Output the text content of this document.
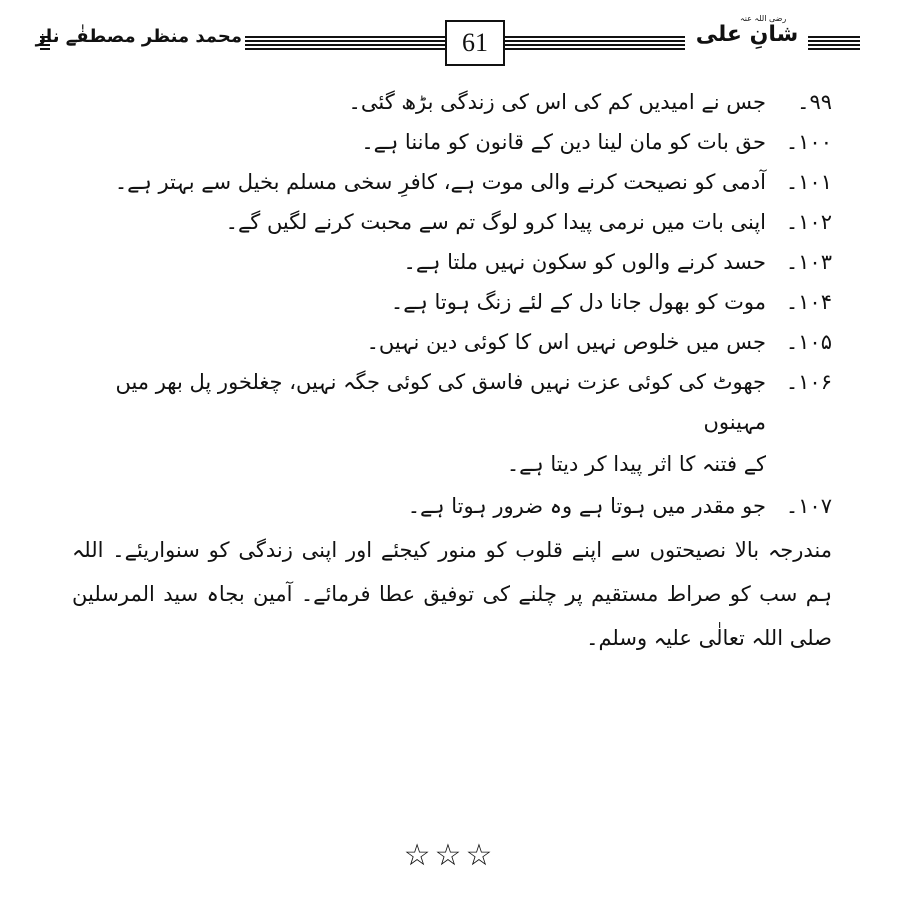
محمد منظر مصطفٰے ناز	61
رضی اللہ عنہ
شانِ علی
۹۹۔
جس نے امیدیں کم کی اس کی زندگی بڑھ گئی۔
۱۰۰۔
حق بات کو مان لینا دین کے قانون کو ماننا ہے۔
۱۰۱۔
آدمی کو نصیحت کرنے والی موت ہے، کافرِ سخی مسلم بخیل سے بہتر ہے۔
۱۰۲۔
اپنی بات میں نرمی پیدا کرو لوگ تم سے محبت کرنے لگیں گے۔
۱۰۳۔
حسد کرنے والوں کو سکون نہیں ملتا ہے۔
۱۰۴۔
موت کو بھول جانا دل کے لئے زنگ ہوتا ہے۔
۱۰۵۔
جس میں خلوص نہیں اس کا کوئی دین نہیں۔
۱۰۶۔
جھوٹ کی کوئی عزت نہیں فاسق کی کوئی جگہ نہیں، چغلخور پل بھر میں مہینوں
کے فتنہ کا اثر پیدا کر دیتا ہے۔
۱۰۷۔
جو مقدر میں ہوتا ہے وہ ضرور ہوتا ہے۔
مندرجہ بالا نصیحتوں سے اپنے قلوب کو منور کیجئے اور اپنی زندگی کو سنواریئے۔ اللہ ہم سب کو صراط مستقیم پر چلنے کی توفیق عطا فرمائے۔ آمین بجاہ سید المرسلین صلی اللہ تعالٰی علیہ وسلم۔
☆☆☆
